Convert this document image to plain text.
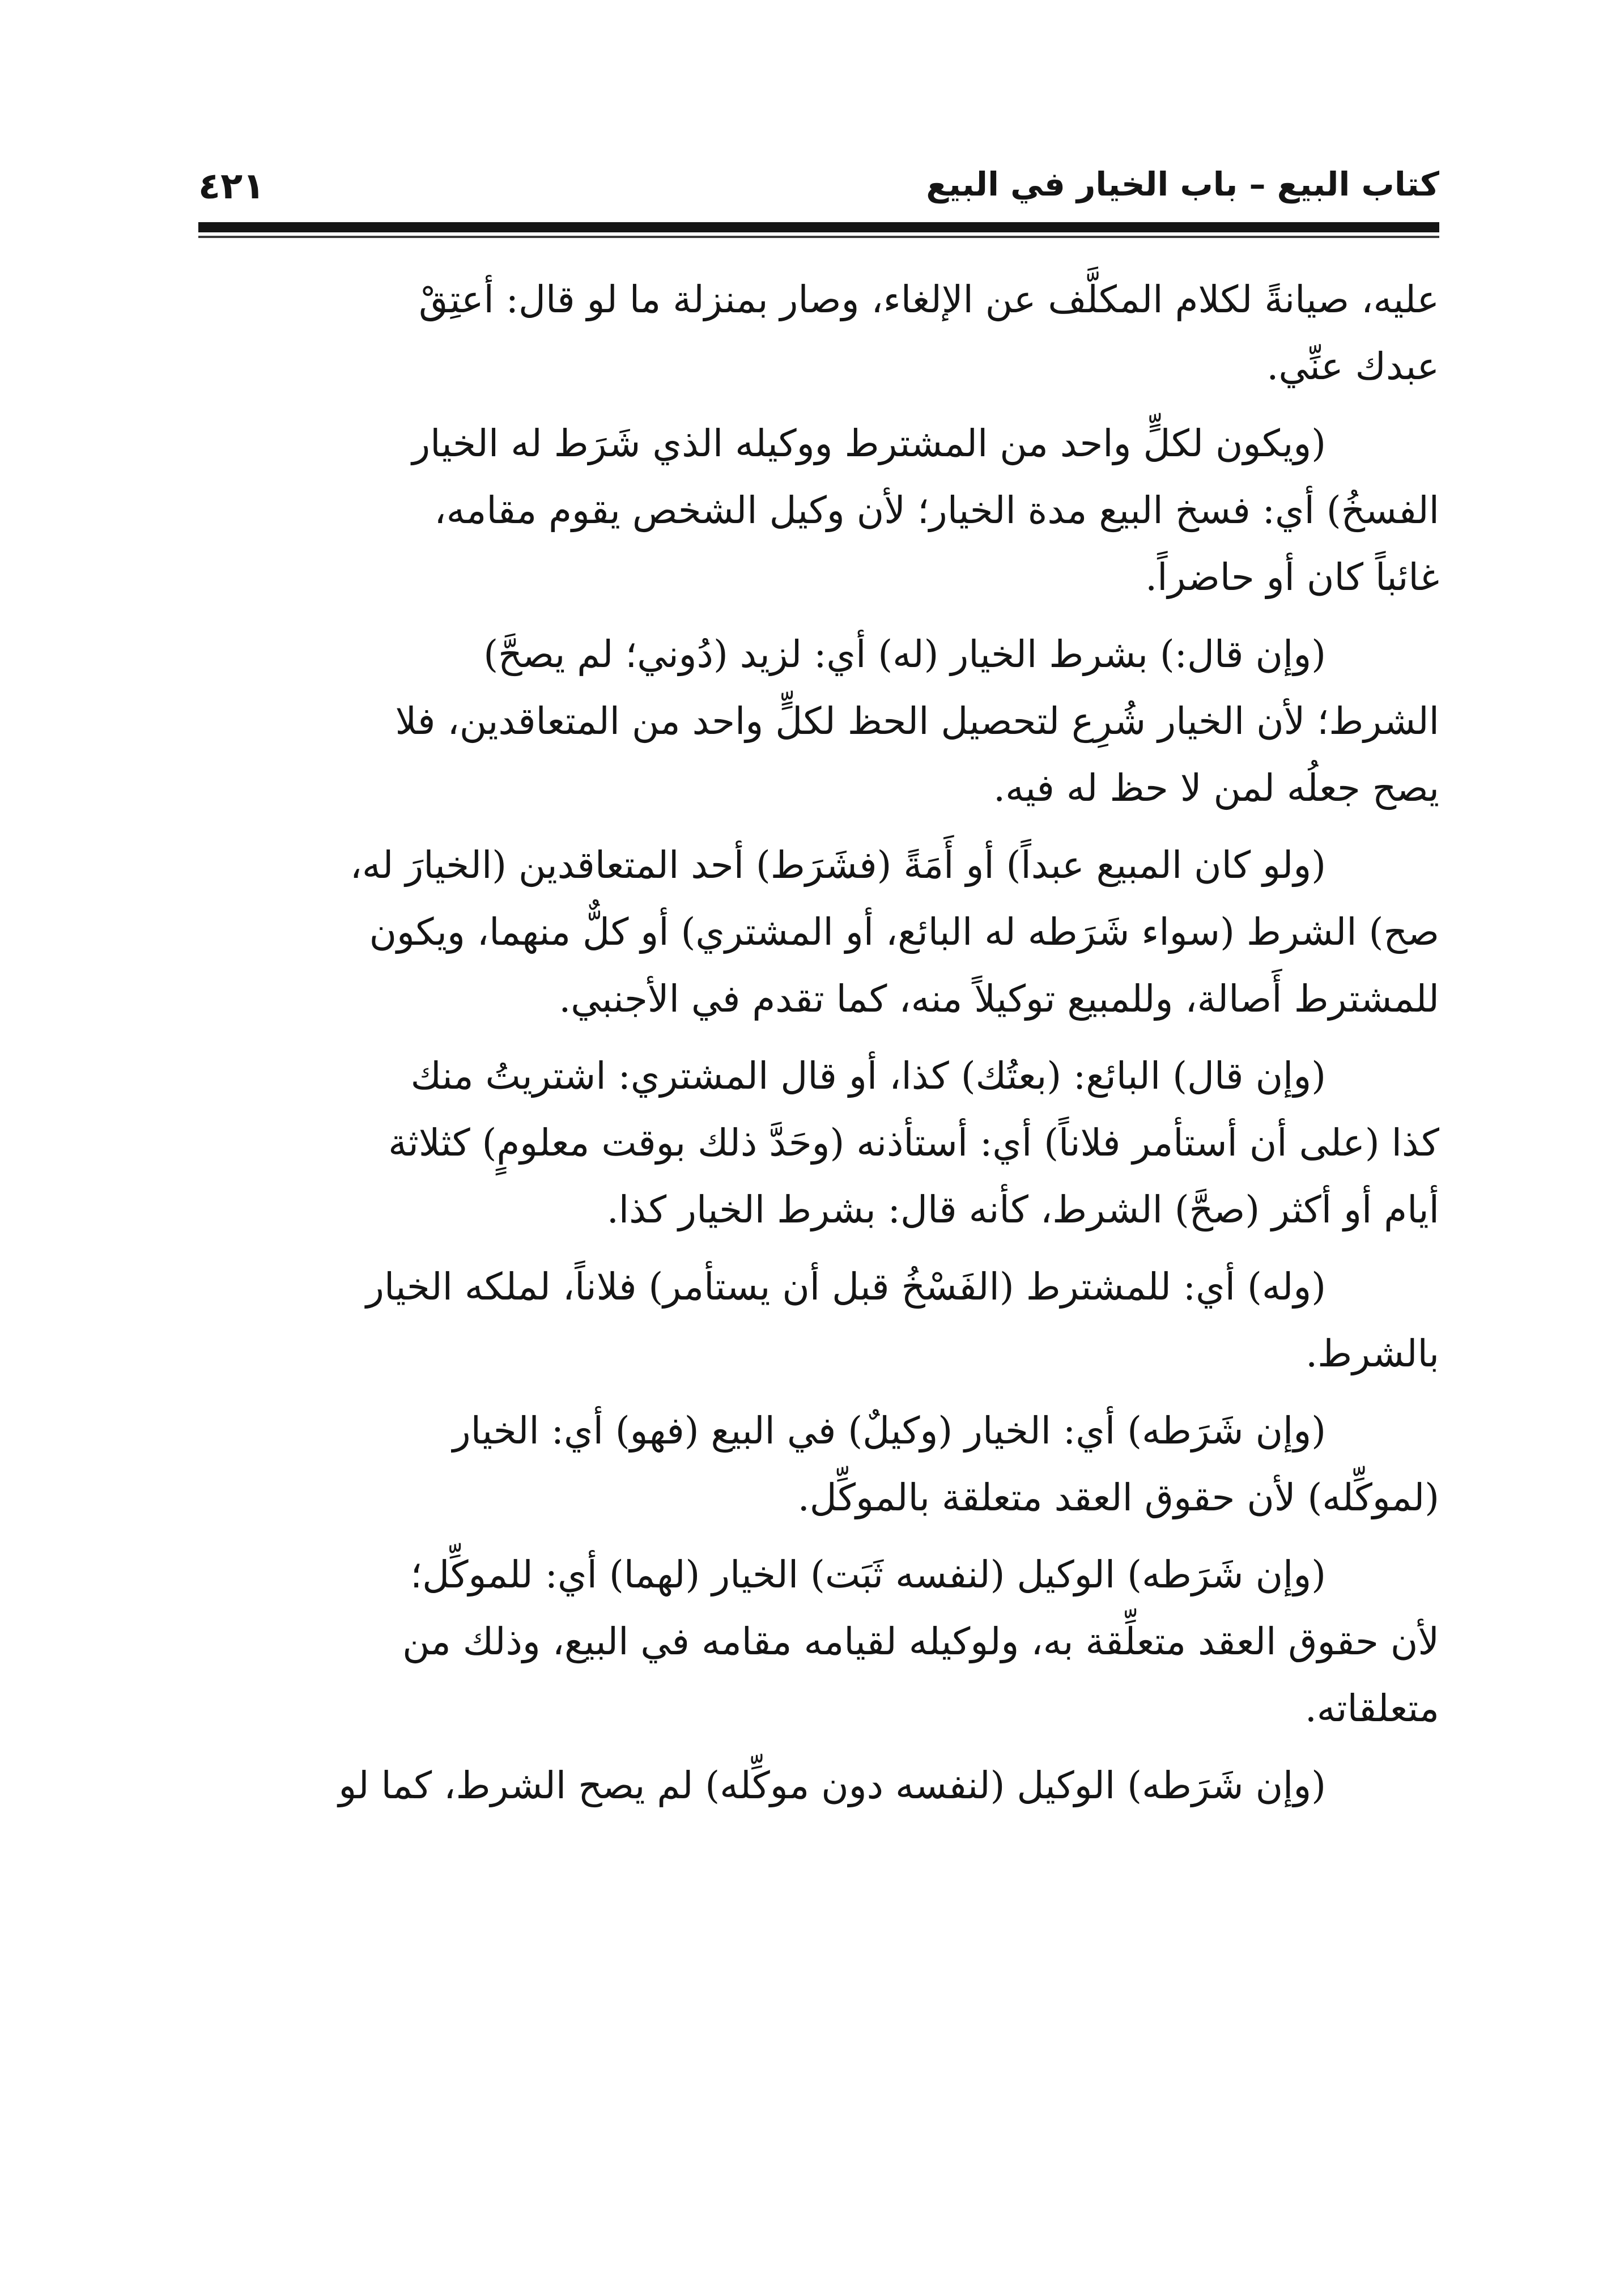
كتاب البيع – باب الخيار في البيع
٤٢١

عليه، صيانةً لكلام المكلَّف عن الإلغاء، وصار بمنزلة ما لو قال: أعتِقْ
عبدك عنِّي.

(ويكون لكلٍّ واحد من المشترط ووكيله الذي شَرَط له الخيار
الفسخُ) أي: فسخ البيع مدة الخيار؛ لأن وكيل الشخص يقوم مقامه،
غائباً كان أو حاضراً.

(وإن قال:) بشرط الخيار (له) أي: لزيد (دُوني؛ لم يصحَّ)
الشرط؛ لأن الخيار شُرِع لتحصيل الحظ لكلٍّ واحد من المتعاقدين، فلا
يصح جعلُه لمن لا حظ له فيه.

(ولو كان المبيع عبداً) أو أَمَةً (فشَرَط) أحد المتعاقدين (الخيارَ له،
صح) الشرط (سواء شَرَطه له البائع، أو المشتري) أو كلٌّ منهما، ويكون
للمشترط أَصالة، وللمبيع توكيلاً منه، كما تقدم في الأجنبي.

(وإن قال) البائع: (بعتُك) كذا، أو قال المشتري: اشتريتُ منك
كذا (على أن أستأمر فلاناً) أي: أستأذنه (وحَدَّ ذلك بوقت معلومٍ) كثلاثة
أيام أو أكثر (صحَّ) الشرط، كأنه قال: بشرط الخيار كذا.

(وله) أي: للمشترط (الفَسْخُ قبل أن يستأمر) فلاناً، لملكه الخيار
بالشرط.

(وإن شَرَطه) أي: الخيار (وكيلٌ) في البيع (فهو) أي: الخيار
(لموكِّله) لأن حقوق العقد متعلقة بالموكِّل.

(وإن شَرَطه) الوكيل (لنفسه ثَبَت) الخيار (لهما) أي: للموكِّل؛
لأن حقوق العقد متعلِّقة به، ولوكيله لقيامه مقامه في البيع، وذلك من
متعلقاته.

(وإن شَرَطه) الوكيل (لنفسه دون موكِّله) لم يصح الشرط، كما لو
